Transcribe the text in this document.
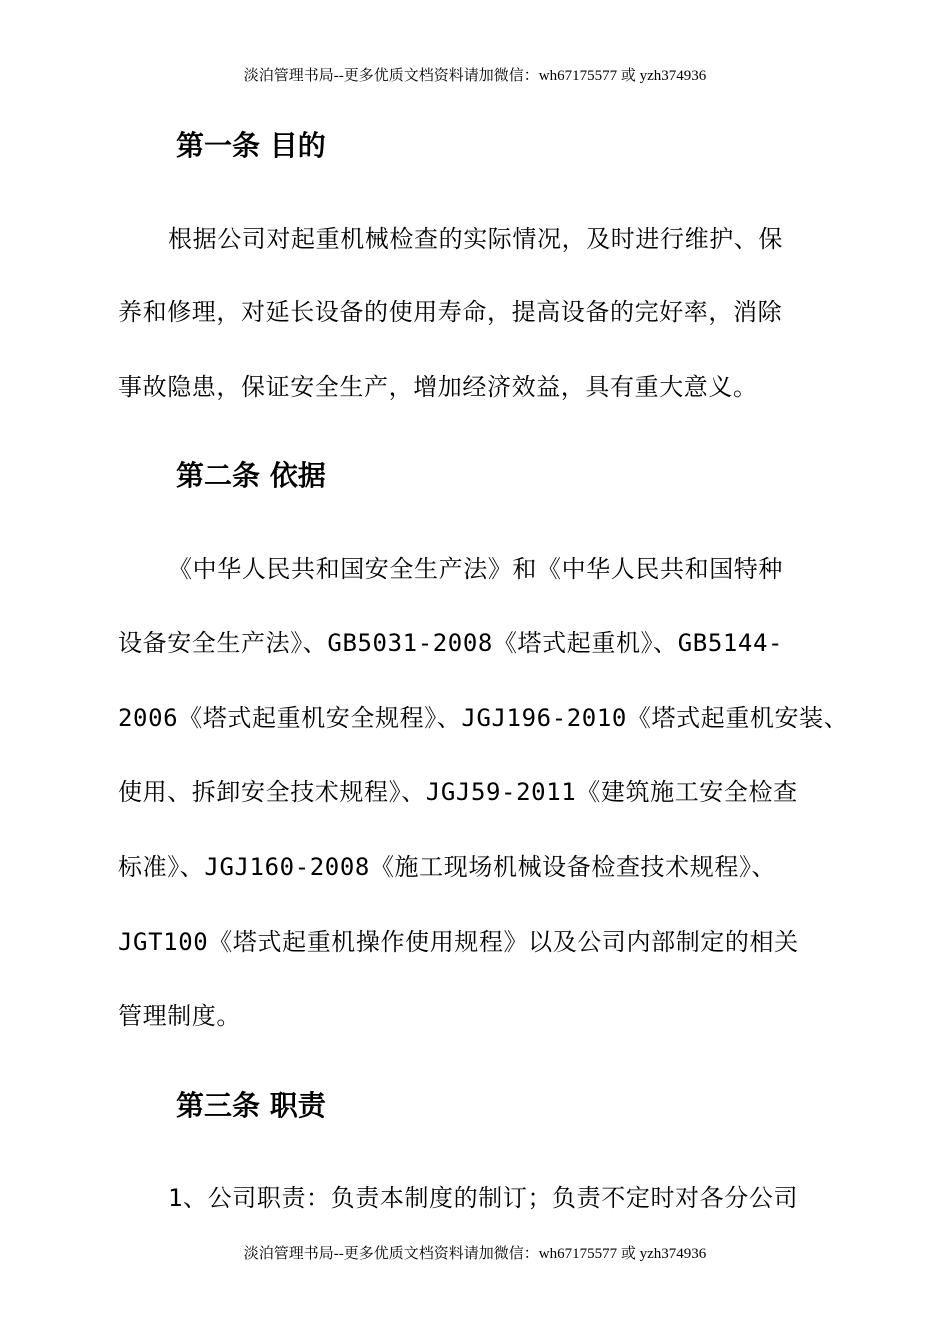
淡泊管理书局--更多优质文档资料请加微信：wh67175577 或 yzh374936
第一条 目的
根据公司对起重机械检查的实际情况，及时进行维护、保
养和修理，对延长设备的使用寿命，提高设备的完好率，消除
事故隐患，保证安全生产，增加经济效益，具有重大意义。
第二条 依据
《中华人民共和国安全生产法》和《中华人民共和国特种
设备安全生产法》、GB5031-2008《塔式起重机》、GB5144-
2006《塔式起重机安全规程》、JGJ196-2010《塔式起重机安装、
使用、拆卸安全技术规程》、JGJ59-2011《建筑施工安全检查
标准》、JGJ160-2008《施工现场机械设备检查技术规程》、
JGT100《塔式起重机操作使用规程》以及公司内部制定的相关
管理制度。
第三条 职责
1、公司职责：负责本制度的制订；负责不定时对各分公司
淡泊管理书局--更多优质文档资料请加微信：wh67175577 或 yzh374936
